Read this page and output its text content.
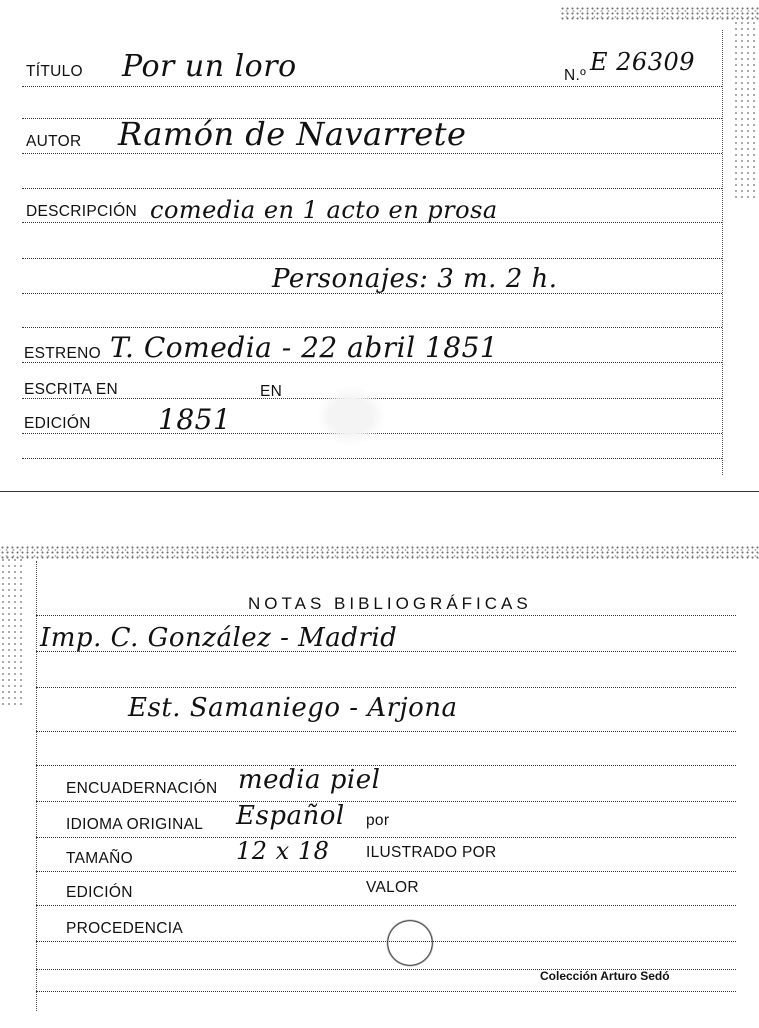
TÍTULO Por un loro	N.º E 26309
AUTOR Ramón de Navarrete
DESCRIPCIÓN comedia en 1 acto en prosa
Personajes: 3 m. 2 h.
ESTRENO T. Comedia - 22 abril 1851
ESCRITA EN	EN
EDICIÓN 1851
NOTAS BIBLIOGRÁFICAS
Imp. C. González - Madrid
Est. Samaniego - Arjona
ENCUADERNACIÓN media piel
IDIOMA ORIGINAL Español por
TAMAÑO	12 x 18 ILUSTRADO POR
EDICIÓN	VALOR
PROCEDENCIA
Colección Arturo Sedó
